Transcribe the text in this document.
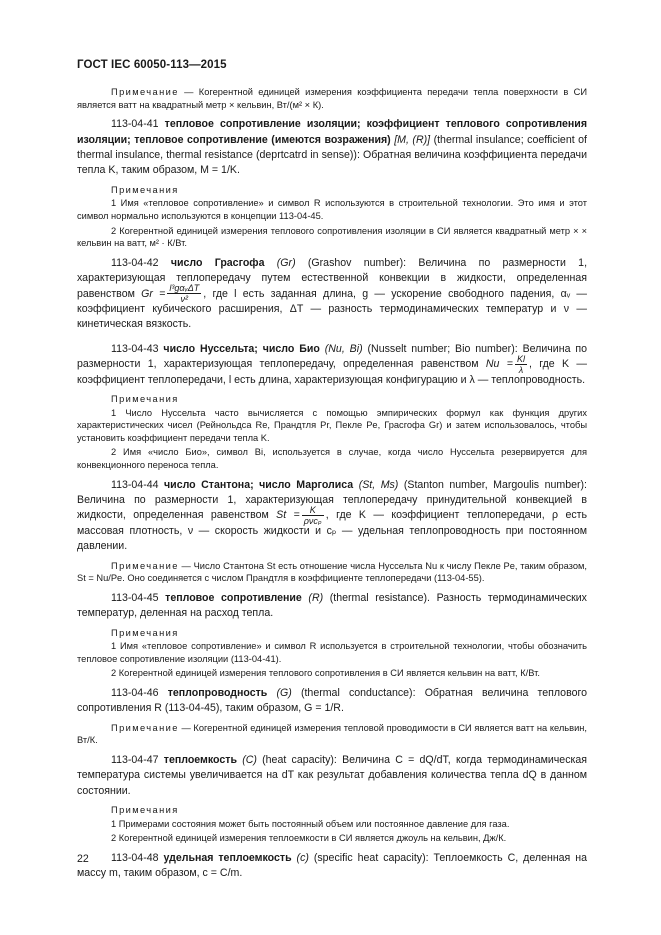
ГОСТ IEC 60050-113—2015
Примечание — Когерентной единицей измерения коэффициента передачи тепла поверхности в СИ является ватт на квадратный метр × кельвин, Вт/(м² × К).
113-04-41 тепловое сопротивление изоляции; коэффициент теплового сопротивления изоляции; тепловое сопротивление (имеются возражения) [M, (R)] (thermal insulance; coefficient of thermal insulance, thermal resistance (deprtcatrd in sense)): Обратная величина коэффициента передачи тепла K, таким образом, M = 1/K.
Примечания
1 Имя «тепловое сопротивление» и символ R используются в строительной технологии. Это имя и этот символ нормально используются в концепции 113-04-45.
2 Когерентной единицей измерения теплового сопротивления изоляции в СИ является квадратный метр × × кельвин на ватт, м² · К/Вт.
113-04-42 число Грасгофа (Gr) (Grashov number): Величина по размерности 1, характеризующая теплопередачу путем естественной конвекции в жидкости, определенная равенством $Gr = \frac{\text{l³gαᵥΔT}}{\text{ν²}}$ , где l есть заданная длина, g — ускорение свободного падения, αᵥ — коэффициент кубического расширения, ΔT — разность термодинамических температур и ν — кинетическая вязкость.
113-04-43 число Нуссельта; число Био (Nu, Bi) (Nusselt number; Bio number): Величина по размерности 1, характеризующая теплопередачу, определенная равенством $Nu = \frac{Kl}{\lambda}$ , где K — коэффициент теплопередачи, l есть длина, характеризующая конфигурацию и λ — теплопроводность.
Примечания
1 Число Нуссельта часто вычисляется с помощью эмпирических формул как функция других характеристических чисел (Рейнольдса Re, Прандтля Pr, Пекле Pe, Грасгофа Gr) и затем использовалось, чтобы установить коэффициент передачи тепла K.
2 Имя «число Био», символ Bi, используется в случае, когда число Нуссельта резервируется для конвекционного переноса тепла.
113-04-44 число Стантона; число Марголиса (St, Ms) (Stanton number, Margoulis number): Величина по размерности 1, характеризующая теплопередачу принудительной конвекцией в жидкости, определенная равенством $St = \frac{K}{\text{ρνcₚ}}$ , где K — коэффициент теплопередачи, ρ есть массовая плотность, ν — скорость жидкости и cₚ — удельная теплопроводность при постоянном давлении.
Примечание — Число Стантона St есть отношение числа Нуссельта Nu к числу Пекле Pe, таким образом, St = Nu/Pe. Оно соединяется с числом Прандтля в коэффициенте теплопередачи (113-04-55).
113-04-45 тепловое сопротивление (R) (thermal resistance). Разность термодинамических температур, деленная на расход тепла.
Примечания
1 Имя «тепловое сопротивление» и символ R используется в строительной технологии, чтобы обозначить тепловое сопротивление изоляции (113-04-41).
2 Когерентной единицей измерения теплового сопротивления в СИ является кельвин на ватт, К/Вт.
113-04-46 теплопроводность (G) (thermal conductance): Обратная величина теплового сопротивления R (113-04-45), таким образом, G = 1/R.
Примечание — Когерентной единицей измерения тепловой проводимости в СИ является ватт на кельвин, Вт/К.
113-04-47 теплоемкость (C) (heat capacity): Величина C = dQ/dT, когда термодинамическая температура системы увеличивается на dT как результат добавления количества тепла dQ в данном состоянии.
Примечания
1 Примерами состояния может быть постоянный объем или постоянное давление для газа.
2 Когерентной единицей измерения теплоемкости в СИ является джоуль на кельвин, Дж/К.
113-04-48 удельная теплоемкость (c) (specific heat capacity): Теплоемкость C, деленная на массу m, таким образом, c = C/m.
22
